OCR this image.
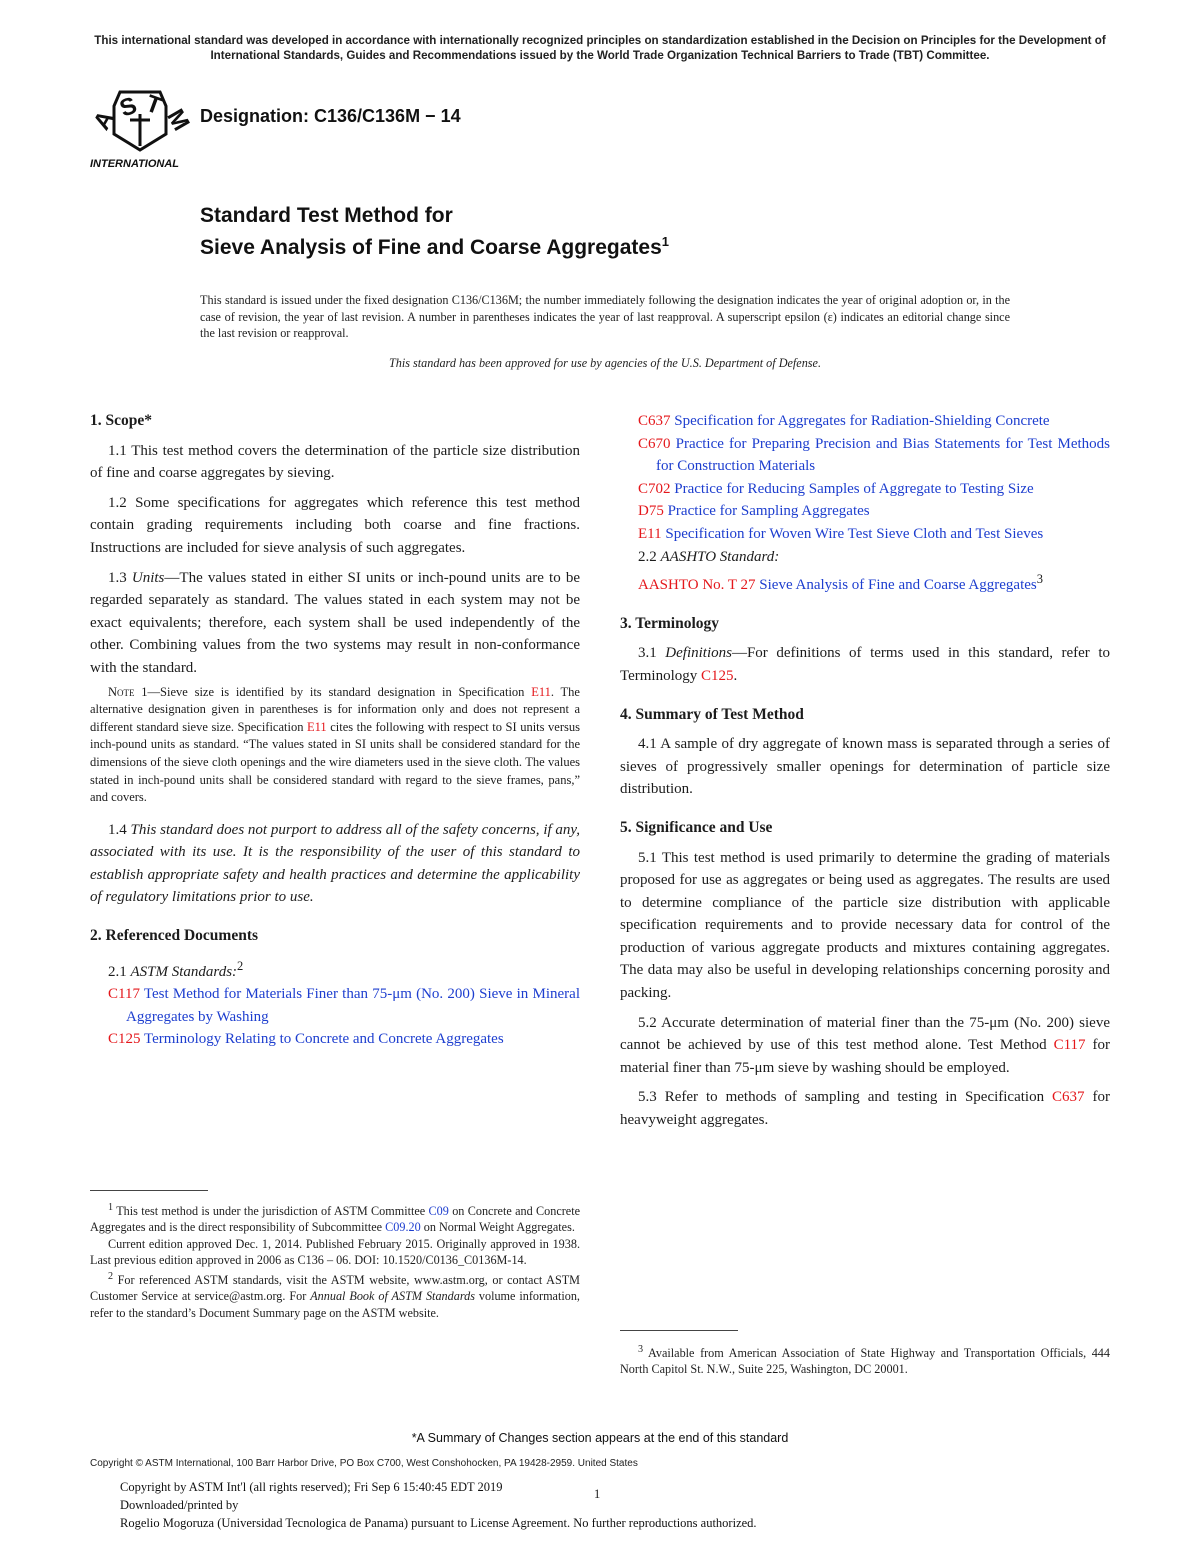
This international standard was developed in accordance with internationally recognized principles on standardization established in the Decision on Principles for the Development of International Standards, Guides and Recommendations issued by the World Trade Organization Technical Barriers to Trade (TBT) Committee.
A
S T
M
INTERNATIONAL
Designation: C136/C136M − 14
Standard Test Method for
Sieve Analysis of Fine and Coarse Aggregates$^1$
This standard is issued under the fixed designation C136/C136M; the number immediately following the designation indicates the year of original adoption or, in the case of revision, the year of last revision. A number in parentheses indicates the year of last reapproval. A superscript epsilon (ε) indicates an editorial change since the last revision or reapproval.
This standard has been approved for use by agencies of the U.S. Department of Defense.

1. Scope*

1.1 This test method covers the determination of the particle size distribution of fine and coarse aggregates by sieving.

1.2 Some specifications for aggregates which reference this test method contain grading requirements including both coarse and fine fractions. Instructions are included for sieve analysis of such aggregates.

1.3 Units—The values stated in either SI units or inch-pound units are to be regarded separately as standard. The values stated in each system may not be exact equivalents; therefore, each system shall be used independently of the other. Combining values from the two systems may result in non-conformance with the standard.

Note 1—Sieve size is identified by its standard designation in Specification E11. The alternative designation given in parentheses is for information only and does not represent a different standard sieve size. Specification E11 cites the following with respect to SI units versus inch-pound units as standard. “The values stated in SI units shall be considered standard for the dimensions of the sieve cloth openings and the wire diameters used in the sieve cloth. The values stated in inch-pound units shall be considered standard with regard to the sieve frames, pans,” and covers.

1.4 This standard does not purport to address all of the safety concerns, if any, associated with its use. It is the responsibility of the user of this standard to establish appropriate safety and health practices and determine the applicability of regulatory limitations prior to use.

2. Referenced Documents

2.1 ASTM Standards:$^2$

C117 Test Method for Materials Finer than 75-μm (No. 200) Sieve in Mineral Aggregates by Washing

C125 Terminology Relating to Concrete and Concrete Aggregates

$^1$ This test method is under the jurisdiction of ASTM Committee C09 on Concrete and Concrete Aggregates and is the direct responsibility of Subcommittee C09.20 on Normal Weight Aggregates.

Current edition approved Dec. 1, 2014. Published February 2015. Originally approved in 1938. Last previous edition approved in 2006 as C136 – 06. DOI: 10.1520/C0136_C0136M-14.

$^2$ For referenced ASTM standards, visit the ASTM website, www.astm.org, or contact ASTM Customer Service at service@astm.org. For Annual Book of ASTM Standards volume information, refer to the standard’s Document Summary page on the ASTM website.

C637 Specification for Aggregates for Radiation-Shielding Concrete

C670 Practice for Preparing Precision and Bias Statements for Test Methods for Construction Materials

C702 Practice for Reducing Samples of Aggregate to Testing Size

D75 Practice for Sampling Aggregates

E11 Specification for Woven Wire Test Sieve Cloth and Test Sieves

2.2 AASHTO Standard:

AASHTO No. T 27 Sieve Analysis of Fine and Coarse Aggregates$^3$

3. Terminology

3.1 Definitions—For definitions of terms used in this standard, refer to Terminology C125.

4. Summary of Test Method

4.1 A sample of dry aggregate of known mass is separated through a series of sieves of progressively smaller openings for determination of particle size distribution.

5. Significance and Use

5.1 This test method is used primarily to determine the grading of materials proposed for use as aggregates or being used as aggregates. The results are used to determine compliance of the particle size distribution with applicable specification requirements and to provide necessary data for control of the production of various aggregate products and mixtures containing aggregates. The data may also be useful in developing relationships concerning porosity and packing.

5.2 Accurate determination of material finer than the 75-μm (No. 200) sieve cannot be achieved by use of this test method alone. Test Method C117 for material finer than 75-μm sieve by washing should be employed.

5.3 Refer to methods of sampling and testing in Specification C637 for heavyweight aggregates.

$^3$ Available from American Association of State Highway and Transportation Officials, 444 North Capitol St. N.W., Suite 225, Washington, DC 20001.

*A Summary of Changes section appears at the end of this standard
Copyright © ASTM International, 100 Barr Harbor Drive, PO Box C700, West Conshohocken, PA 19428-2959. United States
Copyright by ASTM Int'l (all rights reserved); Fri Sep 6 15:40:45 EDT 2019	1
Downloaded/printed by
Rogelio Mogoruza (Universidad Tecnologica de Panama) pursuant to License Agreement. No further reproductions authorized.
